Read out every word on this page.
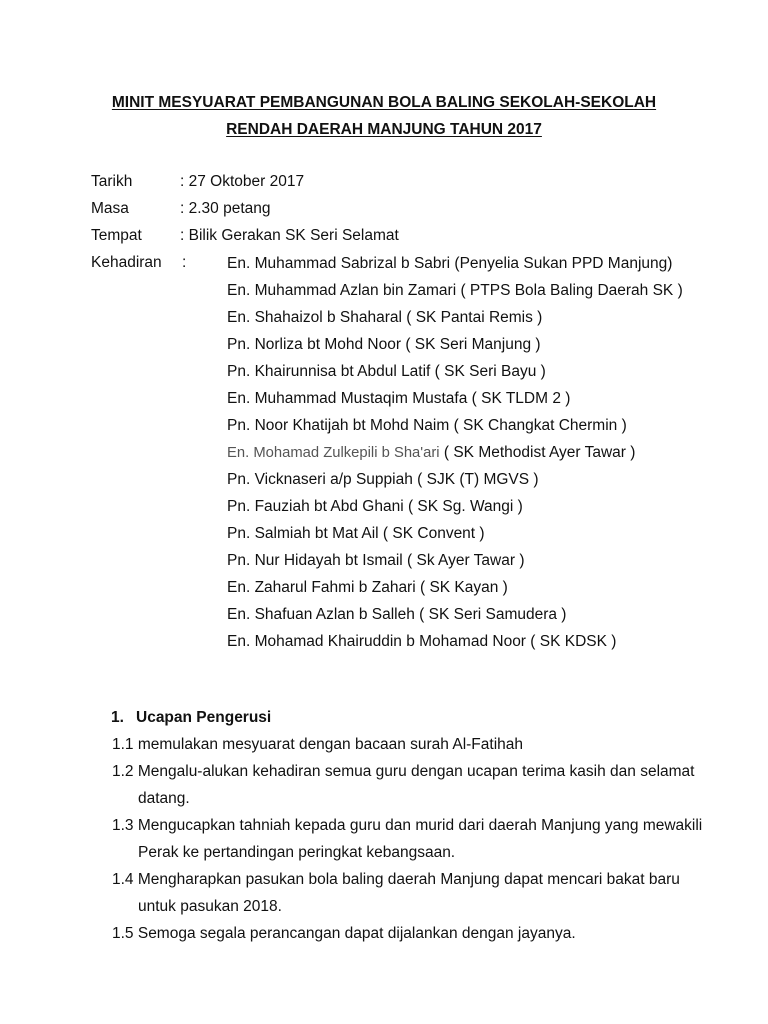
MINIT MESYUARAT PEMBANGUNAN BOLA BALING SEKOLAH-SEKOLAH
RENDAH DAERAH MANJUNG TAHUN 2017
Tarikh	: 27 Oktober 2017
Masa	: 2.30 petang
Tempat : Bilik Gerakan SK Seri Selamat
Kehadiran :	En. Muhammad Sabrizal b Sabri (Penyelia Sukan PPD Manjung)
En. Muhammad Azlan bin Zamari ( PTPS Bola Baling Daerah SK )
En. Shahaizol b Shaharal ( SK Pantai Remis )
Pn. Norliza bt Mohd Noor ( SK Seri Manjung )
Pn. Khairunnisa bt Abdul Latif ( SK Seri Bayu )
En. Muhammad Mustaqim Mustafa ( SK TLDM 2 )
Pn. Noor Khatijah bt Mohd Naim ( SK Changkat Chermin )
En. Mohamad Zulkepili b Sha'ari ( SK Methodist Ayer Tawar )
Pn. Vicknaseri a/p Suppiah ( SJK (T) MGVS )
Pn. Fauziah bt Abd Ghani ( SK Sg. Wangi )
Pn. Salmiah bt Mat Ail ( SK Convent )
Pn. Nur Hidayah bt Ismail ( Sk Ayer Tawar )
En. Zaharul Fahmi b Zahari ( SK Kayan )
En. Shafuan Azlan b Salleh ( SK Seri Samudera )
En. Mohamad Khairuddin b Mohamad Noor ( SK KDSK )
1. Ucapan Pengerusi
1.1 memulakan mesyuarat dengan bacaan surah Al-Fatihah
1.2 Mengalu-alukan kehadiran semua guru dengan ucapan terima kasih dan selamat
datang.
1.3 Mengucapkan tahniah kepada guru dan murid dari daerah Manjung yang mewakili
Perak ke pertandingan peringkat kebangsaan.
1.4 Mengharapkan pasukan bola baling daerah Manjung dapat mencari bakat baru
untuk pasukan 2018.
1.5 Semoga segala perancangan dapat dijalankan dengan jayanya.
